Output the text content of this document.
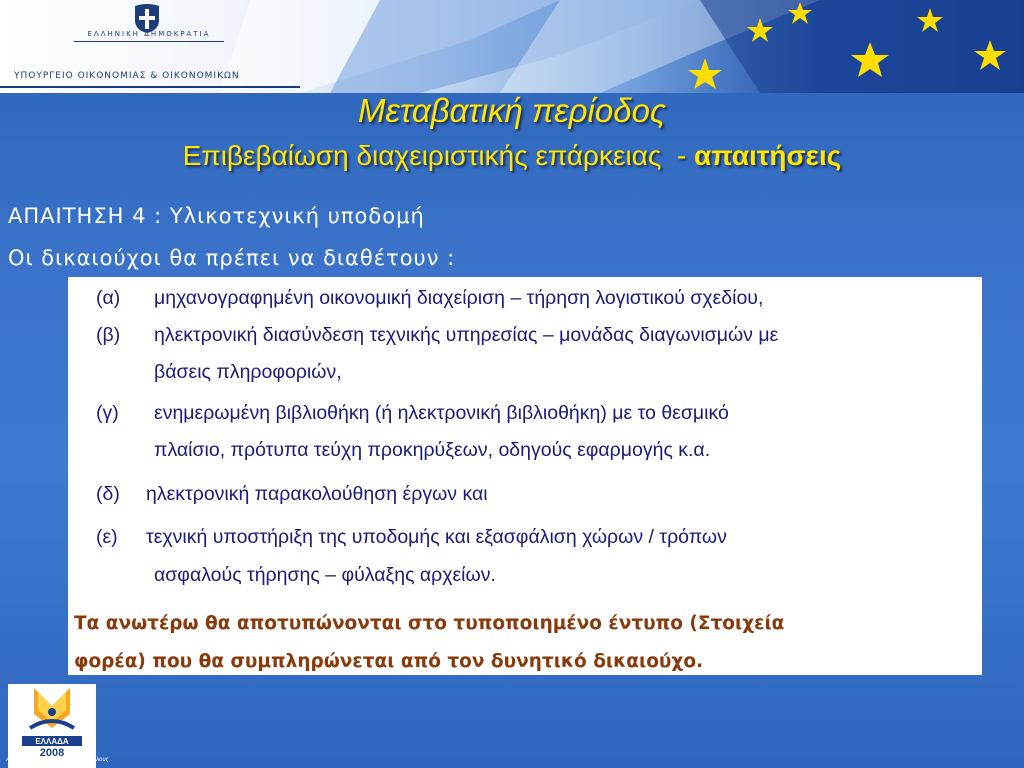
ΕΛΛΗΝΙΚΗ ΔΗΜΟΚΡΑΤΙΑ
ΥΠΟΥΡΓΕΙΟ ΟΙΚΟΝΟΜΙΑΣ & ΟΙΚΟΝΟΜΙΚΩΝ
Μεταβατική περίοδος
Επιβεβαίωση διαχειριστικής επάρκειας - απαιτήσεις
ΑΠΑΙΤΗΣΗ 4 : Υλικοτεχνική υποδομή
Οι δικαιούχοι θα πρέπει να διαθέτουν :
(α) μηχανογραφημένη οικονομική διαχείριση – τήρηση λογιστικού σχεδίου,
(β) ηλεκτρονική διασύνδεση τεχνικής υπηρεσίας – μονάδας διαγωνισμών με
βάσεις πληροφοριών,
(γ) ενημερωμένη βιβλιοθήκη (ή ηλεκτρονική βιβλιοθήκη) με το θεσμικό
πλαίσιο, πρότυπα τεύχη προκηρύξεων, οδηγούς εφαρμογής κ.α.
(δ) ηλεκτρονική παρακολούθηση έργων και
(ε) τεχνική υποστήριξη της υποδομής και εξασφάλιση χώρων / τρόπων
ασφαλούς τήρησης – φύλαξης αρχείων.
Τα ανωτέρω θα αποτυπώνονται στο τυποποιημένο έντυπο (Στοιχεία
φορέα) που θα συμπληρώνεται από τον δυνητικό δικαιούχο.
ΕΛΛΑΔΑ
2008
Ανάπτυξη παντού. Ανάπτυξη για όλους
